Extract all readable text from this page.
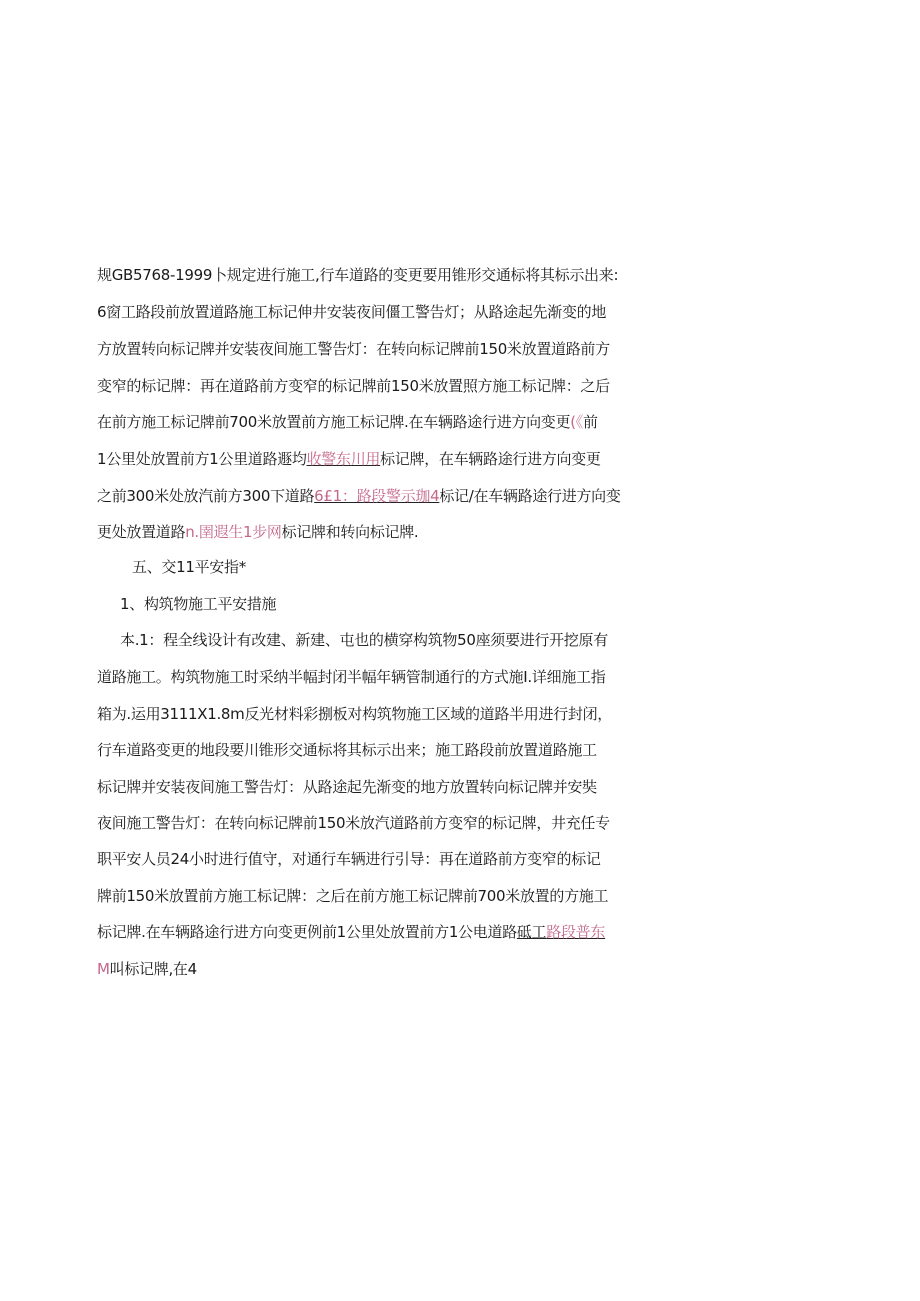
规GB5768-1999卜规定进行施工,行车道路的变更要用锥形交通标将其标示出来:
6窗工路段前放置道路施工标记伸井安装夜间僵工警告灯；从路途起先渐变的地
方放置转向标记牌并安装夜间施工警告灯：在转向标记牌前150米放置道路前方
变窄的标记牌：再在道路前方变窄的标记牌前150米放置照方施工标记牌：之后
在前方施工标记牌前700米放置前方施工标记牌.在车辆路途行进方向变更(《前
1公里处放置前方1公里道路遯均收警东川用标记牌，在车辆路途行进方向变更
之前300米处放汽前方300下道路6£1：路段警示珈4标记/在车辆路途行进方向变
更处放置道路n.圉遐生1步网标记牌和转向标记牌.
五、交11平安指*
1、构筑物施工平安措施
本.1：程全线设计有改建、新建、屯也的横穿构筑物50座须要进行开挖原有
道路施工。构筑物施工时采纳半幅封闭半幅年辆管制通行的方式施I.详细施工指
箱为.运用3111X1.8m反光材料彩捌板对构筑物施工区域的道路半用进行封闭，
行车道路变更的地段要川锥形交通标将其标示出来；施工路段前放置道路施工
标记牌并安装夜间施工警告灯：从路途起先渐变的地方放置转向标记牌并安奘
夜间施工警告灯：在转向标记牌前150米放汽道路前方变窄的标记牌，井充任专
职平安人员24小时进行值守，对通行车辆进行引导：再在道路前方变窄的标记
牌前150米放置前方施工标记牌：之后在前方施工标记牌前700米放置的方施工
标记牌.在车辆路途行进方向变更例前1公里处放置前方1公电道路砥工路段普东
M叫标记牌,在4
